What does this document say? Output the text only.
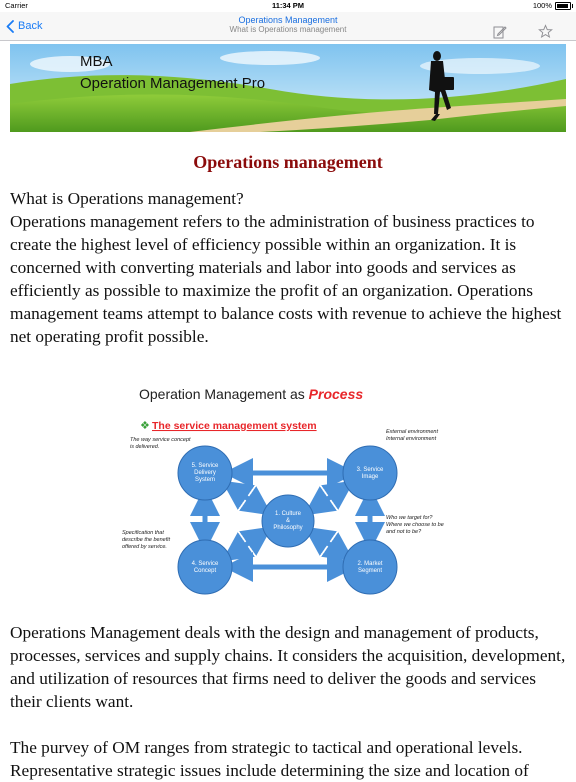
Carrier	11:34 PM	100%
Back	Operations Management
What is Operations management
MBA
Operation Management Pro
Operations management
What is Operations management?
Operations management refers to the administration of business practices to create the highest level of efficiency possible within an organization. It is concerned with converting materials and labor into goods and services as efficiently as possible to maximize the profit of an organization. Operations management teams attempt to balance costs with revenue to achieve the highest net operating profit possible.
Operation Management as Process
❖ The service management system
5. Service
Delivery
System
3. Service
Image
1. Culture
&
Philosophy
4. Service
Concept
2. Market
Segment
The way service concept
is delivered.
External environment
Internal environment
Who we target for?
Where we choose to be
and not to be?
Specification that
describe the benefit
offered by service.
Operations Management deals with the design and management of products, processes, services and supply chains. It considers the acquisition, development, and utilization of resources that firms need to deliver the goods and services their clients want.
The purvey of OM ranges from strategic to tactical and operational levels. Representative strategic issues include determining the size and location of
